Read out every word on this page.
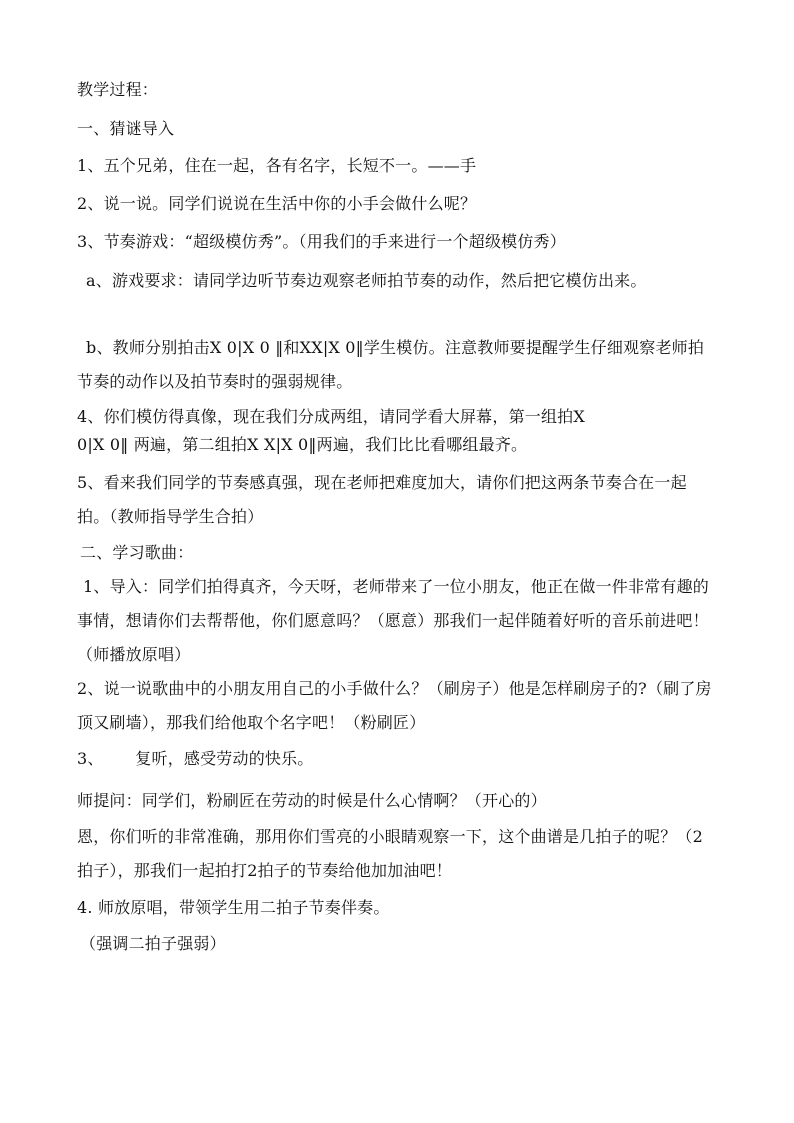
教学过程：
一、猜谜导入
1、五个兄弟，住在一起，各有名字，长短不一。——手
2、说一说。同学们说说在生活中你的小手会做什么呢？
3、节奏游戏：“超级模仿秀”。（用我们的手来进行一个超级模仿秀）
a、游戏要求：请同学边听节奏边观察老师拍节奏的动作，然后把它模仿出来。
b、教师分别拍击X 0|X 0 ‖和XX|X 0‖学生模仿。注意教师要提醒学生仔细观察老师拍节奏的动作以及拍节奏时的强弱规律。
4、你们模仿得真像，现在我们分成两组，请同学看大屏幕，第一组拍X
0|X 0‖ 两遍，第二组拍X X|X 0‖两遍，我们比比看哪组最齐。
5、看来我们同学的节奏感真强，现在老师把难度加大，请你们把这两条节奏合在一起拍。（教师指导学生合拍）
二、学习歌曲：
1、导入：同学们拍得真齐，今天呀，老师带来了一位小朋友，他正在做一件非常有趣的事情，想请你们去帮帮他，你们愿意吗？（愿意）那我们一起伴随着好听的音乐前进吧！（师播放原唱）
2、说一说歌曲中的小朋友用自己的小手做什么？（刷房子）他是怎样刷房子的?（刷了房顶又刷墙），那我们给他取个名字吧！（粉刷匠）
3、      复听，感受劳动的快乐。
师提问：同学们，粉刷匠在劳动的时候是什么心情啊？（开心的）
恩，你们听的非常准确，那用你们雪亮的小眼睛观察一下，这个曲谱是几拍子的呢？（2拍子），那我们一起拍打2拍子的节奏给他加加油吧！
4. 师放原唱，带领学生用二拍子节奏伴奏。
（强调二拍子强弱）
